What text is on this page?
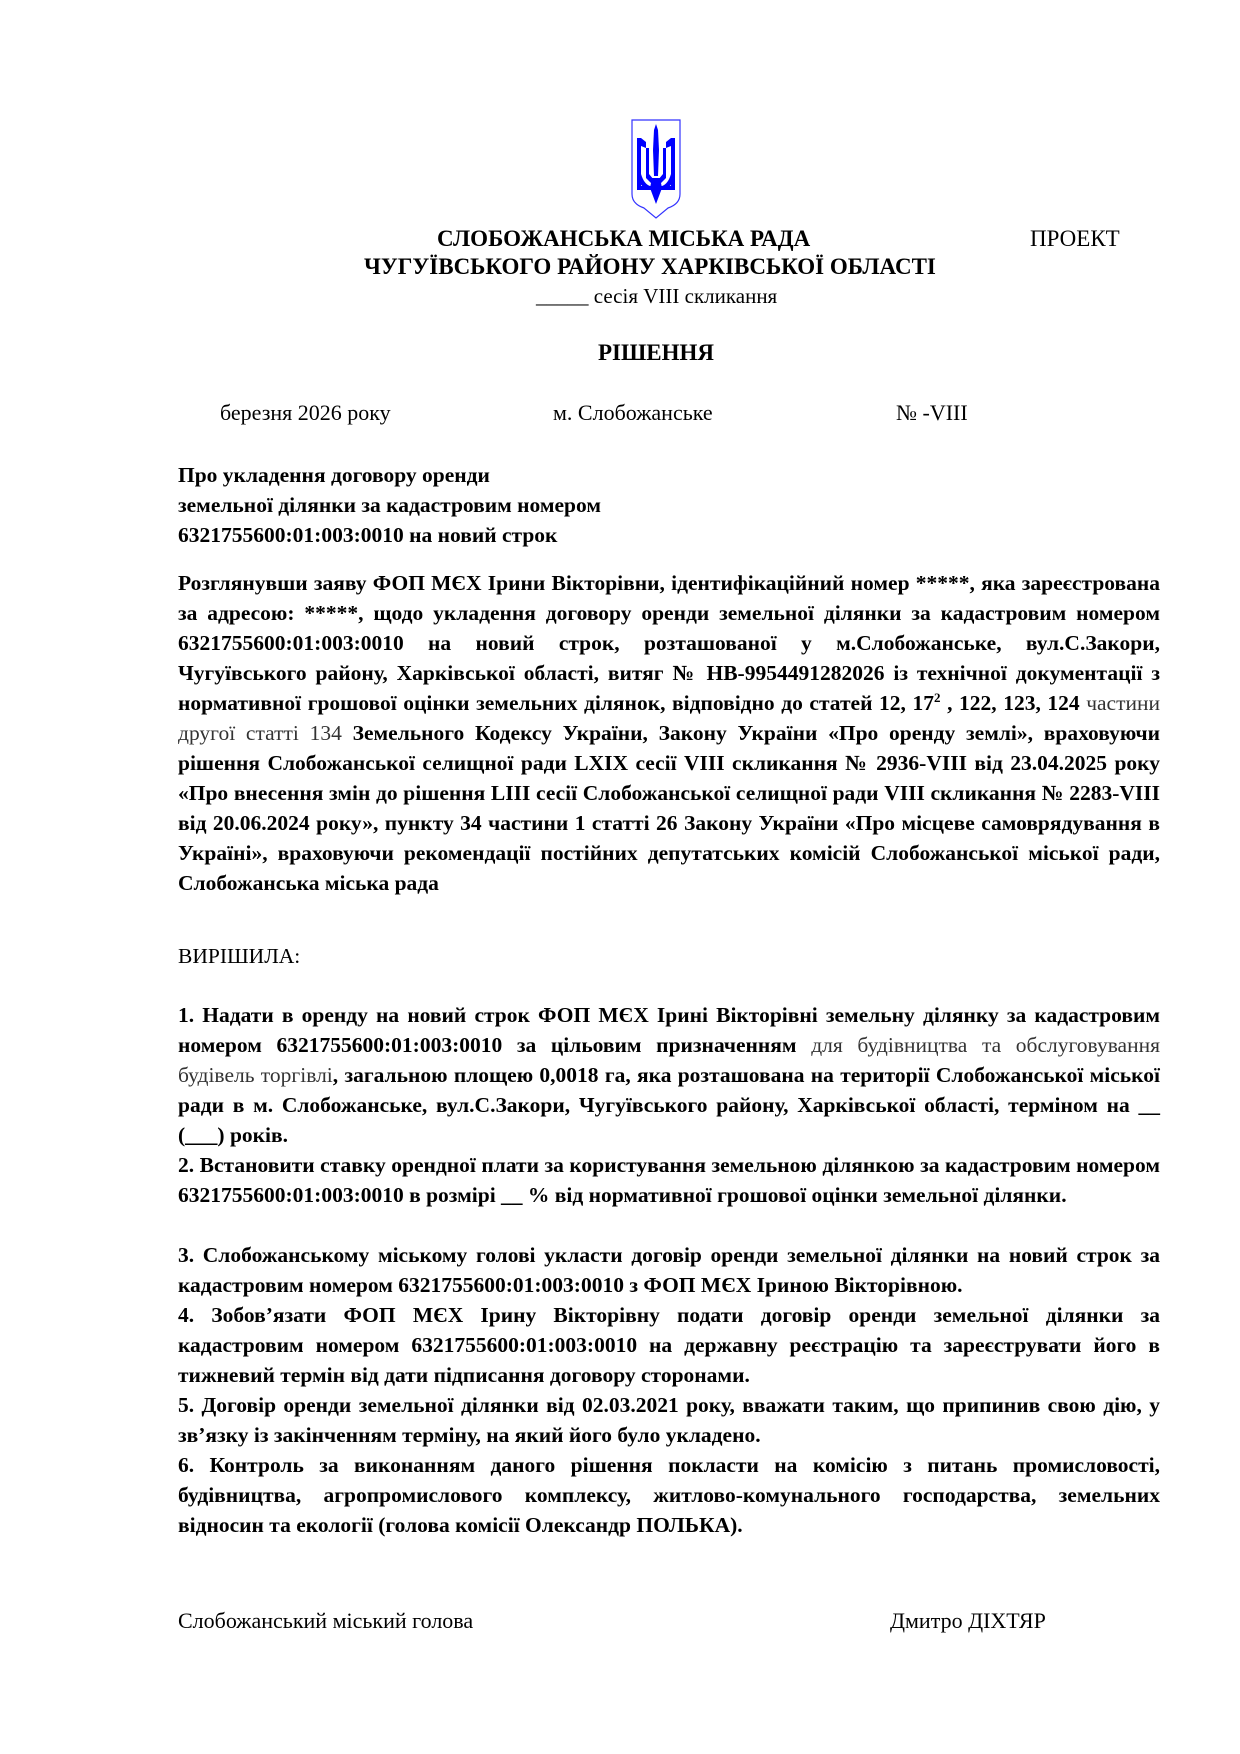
СЛОБОЖАНСЬКА МІСЬКА РАДА	ПРОЕКТ
ЧУГУЇВСЬКОГО РАЙОНУ ХАРКІВСЬКОЇ ОБЛАСТІ
_____ сесія VIII скликання
РІШЕННЯ
березня 2026 року	м. Слобожанське	№ -VIII
Про укладення договору оренди
земельної ділянки за кадастровим номером
6321755600:01:003:0010 на новий строк
Розглянувши заяву ФОП МЄХ Ірини Вікторівни, ідентифікаційний номер *****, яка зареєстрована за адресою: *****, щодо укладення договору оренди земельної ділянки за кадастровим номером 6321755600:01:003:0010 на новий строк, розташованої у м.Слобожанське, вул.С.Закори, Чугуївського району, Харківської області, витяг № НВ-9954491282026 із технічної документації з нормативної грошової оцінки земельних ділянок, відповідно до статей 12, $17^2$ , 122, 123, 124 частини другої статті 134 Земельного Кодексу України, Закону України «Про оренду землі», враховуючи рішення Слобожанської селищної ради LXIX сесії VIII скликання № 2936-VIII від 23.04.2025 року «Про внесення змін до рішення LIII сесії Слобожанської селищної ради VIII скликання № 2283-VIII від 20.06.2024 року», пункту 34 частини 1 статті 26 Закону України «Про місцеве самоврядування в Україні», враховуючи рекомендації постійних депутатських комісій Слобожанської міської ради, Слобожанська міська рада
ВИРІШИЛА:
1. Надати в оренду на новий строк ФОП МЄХ Ірині Вікторівні земельну ділянку за кадастровим номером 6321755600:01:003:0010 за цільовим призначенням для будівництва та обслуговування будівель торгівлі, загальною площею 0,0018 га, яка розташована на території Слобожанської міської ради в м. Слобожанське, вул.С.Закори, Чугуївського району, Харківської області, терміном на __ (___) років.
2. Встановити ставку орендної плати за користування земельною ділянкою за кадастровим номером 6321755600:01:003:0010 в розмірі __ % від нормативної грошової оцінки земельної ділянки.
3. Слобожанському міському голові укласти договір оренди земельної ділянки на новий строк за кадастровим номером 6321755600:01:003:0010 з ФОП МЄХ Іриною Вікторівною.
4. Зобов’язати ФОП МЄХ Ірину Вікторівну подати договір оренди земельної ділянки за кадастровим номером 6321755600:01:003:0010 на державну реєстрацію та зареєструвати його в тижневий термін від дати підписання договору сторонами.
5. Договір оренди земельної ділянки від 02.03.2021 року, вважати таким, що припинив свою дію, у зв’язку із закінченням терміну, на який його було укладено.
6. Контроль за виконанням даного рішення покласти на комісію з питань промисловості, будівництва, агропромислового комплексу, житлово-комунального господарства, земельних відносин та екології (голова комісії Олександр ПОЛЬКА).
Слобожанський міський голова	Дмитро ДІХТЯР
